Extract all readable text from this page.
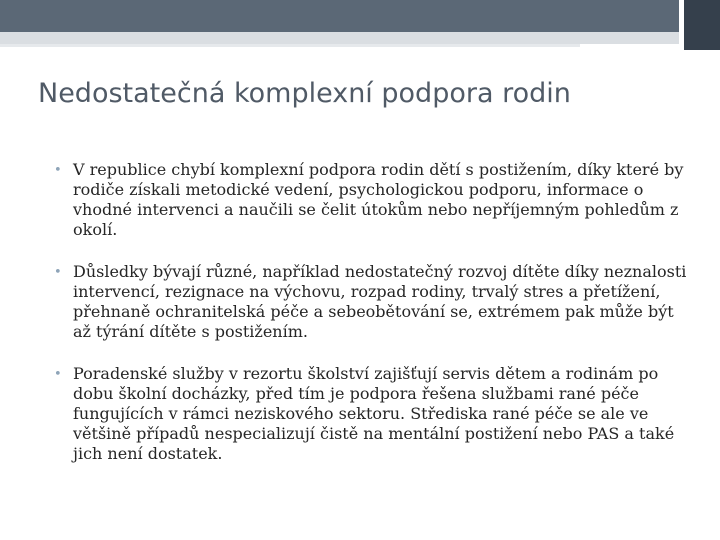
Nedostatečná komplexní podpora rodin
• V republice chybí komplexní podpora rodin dětí s postižením, díky které by rodiče získali metodické vedení, psychologickou podporu, informace o vhodné intervenci a naučili se čelit útokům nebo nepříjemným pohledům z okolí.
• Důsledky bývají různé, například nedostatečný rozvoj dítěte díky neznalosti intervencí, rezignace na výchovu, rozpad rodiny, trvalý stres a přetížení, přehnaně ochranitelská péče a sebeobětování se, extrémem pak může být až týrání dítěte s postižením.
• Poradenské služby v rezortu školství zajišťují servis dětem a rodinám po dobu školní docházky, před tím je podpora řešena službami rané péče fungujících v rámci neziskového sektoru. Střediska rané péče se ale ve většině případů nespecializují čistě na mentální postižení nebo PAS a také jich není dostatek.
